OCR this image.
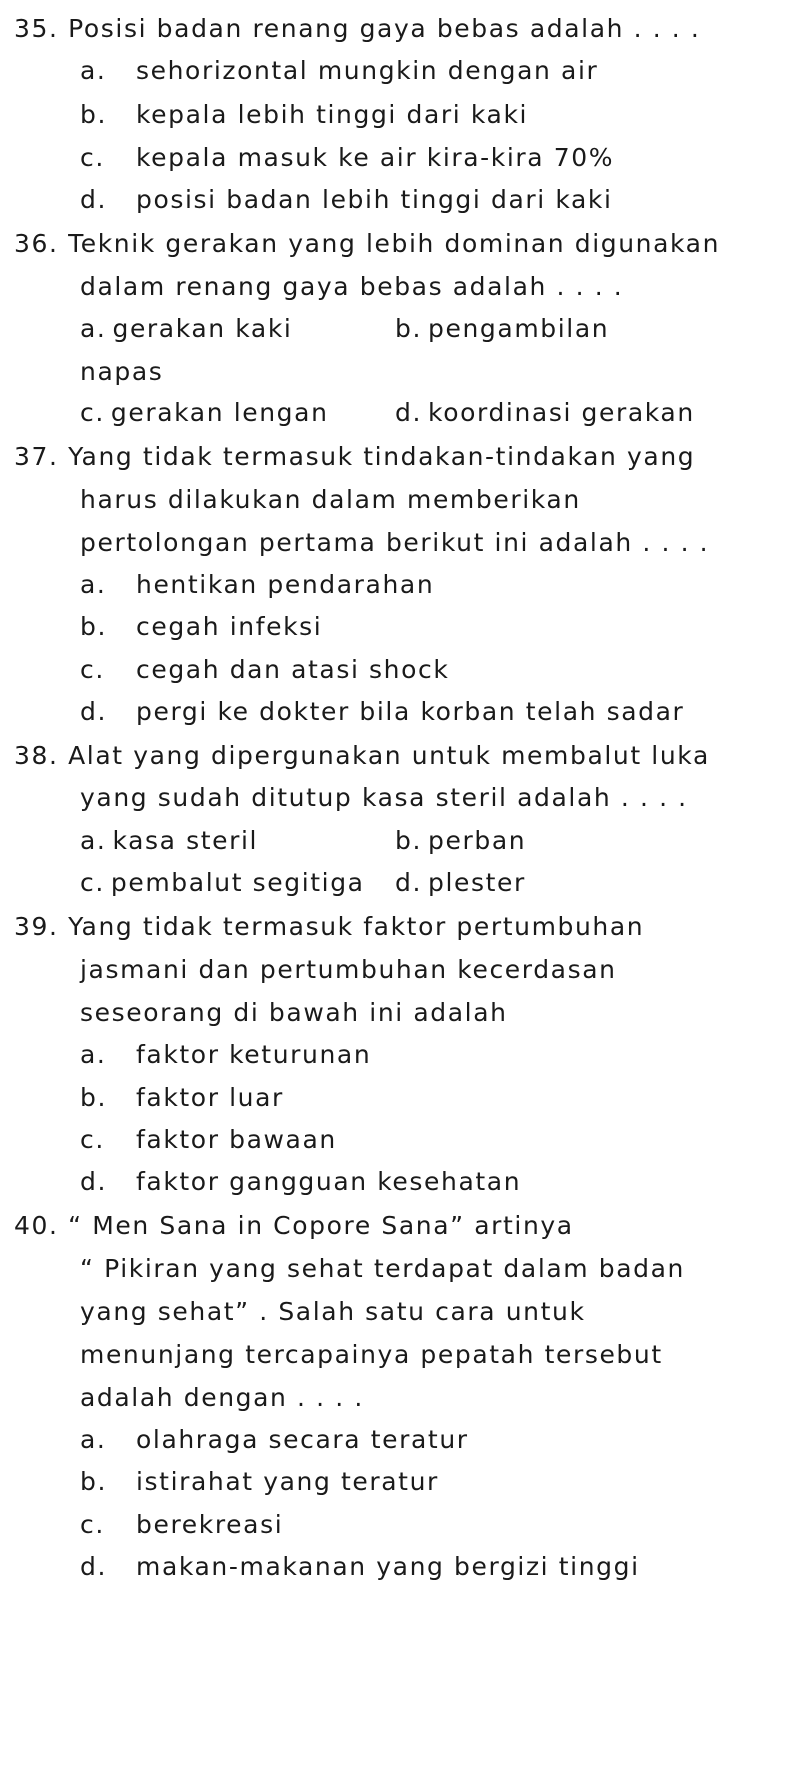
35. Posisi badan renang gaya bebas adalah . . . .
a. sehorizontal mungkin dengan air
b. kepala lebih tinggi dari kaki
c. kepala masuk ke air kira-kira 70%
d. posisi badan lebih tinggi dari kaki
36. Teknik gerakan yang lebih dominan digunakan
dalam renang gaya bebas adalah . . . .
a. gerakan kaki	b. pengambilan
napas
c. gerakan lengan	d. koordinasi gerakan
37. Yang tidak termasuk tindakan-tindakan yang
harus dilakukan dalam memberikan
pertolongan pertama berikut ini adalah . . . .
a. hentikan pendarahan
b. cegah infeksi
c. cegah dan atasi shock
d. pergi ke dokter bila korban telah sadar
38. Alat yang dipergunakan untuk membalut luka
yang sudah ditutup kasa steril adalah . . . .
a. kasa steril	b. perban
c. pembalut segitiga d. plester
39. Yang tidak termasuk faktor pertumbuhan
jasmani dan pertumbuhan kecerdasan
seseorang di bawah ini adalah
a. faktor keturunan
b. faktor luar
c. faktor bawaan
d. faktor gangguan kesehatan
40. “ Men Sana in Copore Sana” artinya
“ Pikiran yang sehat terdapat dalam badan
yang sehat” . Salah satu cara untuk
menunjang tercapainya pepatah tersebut
adalah dengan . . . .
a. olahraga secara teratur
b. istirahat yang teratur
c. berekreasi
d. makan-makanan yang bergizi tinggi
